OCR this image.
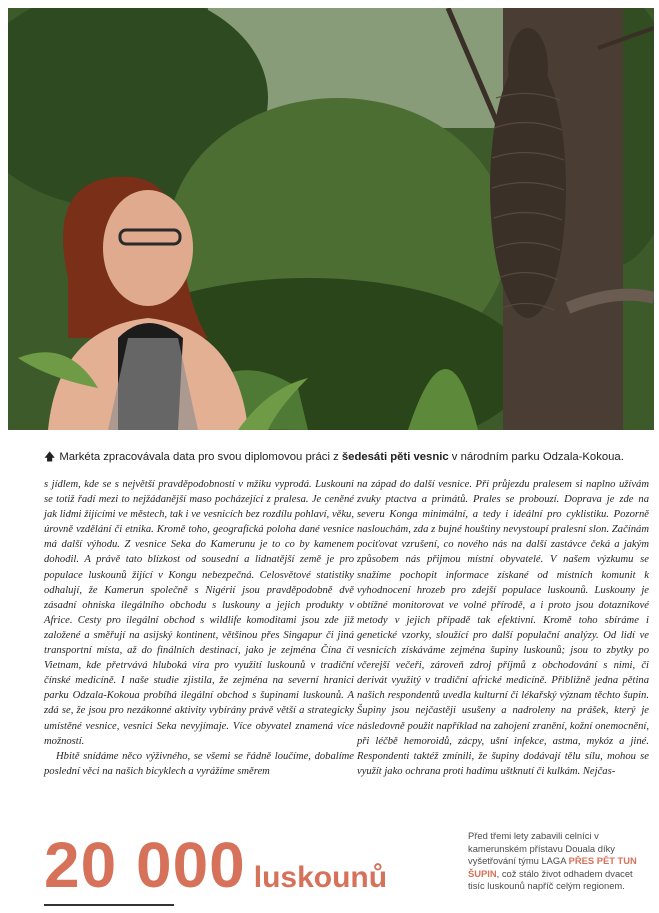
🡅 Markéta zpracovávala data pro svou diplomovou práci z šedesáti pěti vesnic v národním parku Odzala-Kokoua.

s jídlem, kde se s největší pravděpodobností v mžiku vyprodá. Luskouni se totiž řadí mezi to nejžádanější maso pocházející z pralesa. Je ceněné jak lidmi žijícími ve městech, tak i ve vesnicích bez rozdílu pohlaví, věku, úrovně vzdělání či etnika. Kromě toho, geografická poloha dané vesnice má další výhodu. Z vesnice Seka do Kamerunu je to co by kamenem dohodil. A právě tato blízkost od sousední a lidnatější země je pro populace luskounů žijící v Kongu nebezpečná. Celosvětové statistiky odhalují, že Kamerun společně s Nigérií jsou pravděpodobně dvě zásadní ohniska ilegálního obchodu s luskouny a jejich produkty v Africe. Cesty pro ilegální obchod s wildlife komoditami jsou zde již založené a směřují na asijský kontinent, většinou přes Singapur či jiná transportní místa, až do finálních destinací, jako je zejména Čína či Vietnam, kde přetrvává hluboká víra pro využití luskounů v tradiční čínské medicíně. I naše studie zjistila, že zejména na severní hranici parku Odzala-Kokoua probíhá ilegální obchod s šupinami luskounů. A zdá se, že jsou pro nezákonné aktivity vybírány právě větší a strategicky umístěné vesnice, vesnici Seka nevyjímaje. Více obyvatel znamená více možností.

Hbitě snídáme něco výživného, se všemi se řádně loučíme, dobalíme poslední věci na našich bicyklech a vyrážíme směrem

na západ do další vesnice. Při průjezdu pralesem si naplno užívám zvuky ptactva a primátů. Prales se probouzí. Doprava je zde na severu Konga minimální, a tedy i ideální pro cyklistiku. Pozorně naslouchám, zda z bujné houštiny nevystoupí pralesní slon. Začínám pociťovat vzrušení, co nového nás na další zastávce čeká a jakým způsobem nás přijmou místní obyvatelé. V našem výzkumu se snažíme pochopit informace získané od místních komunit k vyhodnocení hrozeb pro zdejší populace luskounů. Luskouny je obtížné monitorovat ve volné přírodě, a i proto jsou dotazníkové metody v jejich případě tak efektivní. Kromě toho sbíráme i genetické vzorky, sloužící pro další populační analýzy. Od lidí ve vesnicích získáváme zejména šupiny luskounů; jsou to zbytky po včerejší večeři, zároveň zdroj příjmů z obchodování s nimi, či derivát využitý v tradiční africké medicíně. Přibližně jedna pětina našich respondentů uvedla kulturní či lékařský význam těchto šupin. Šupiny jsou nejčastěji usušeny a nadroleny na prášek, který je následovně použit například na zahojení zranění, kožní onemocnění, při léčbě hemoroidů, zácpy, ušní infekce, astma, mykóz a jiné. Respondenti taktéž zmínili, že šupiny dodávají tělu sílu, mohou se využít jako ochrana proti hadímu uštknutí či kulkám. Nejčas-

20 000 luskounů
Před třemi lety zabavili celníci v kamerunském přístavu Douala díky vyšetřování týmu LAGA PŘES PĚT TUN ŠUPIN, což stálo život odhadem dvacet tisíc luskounů napříč celým regionem.
